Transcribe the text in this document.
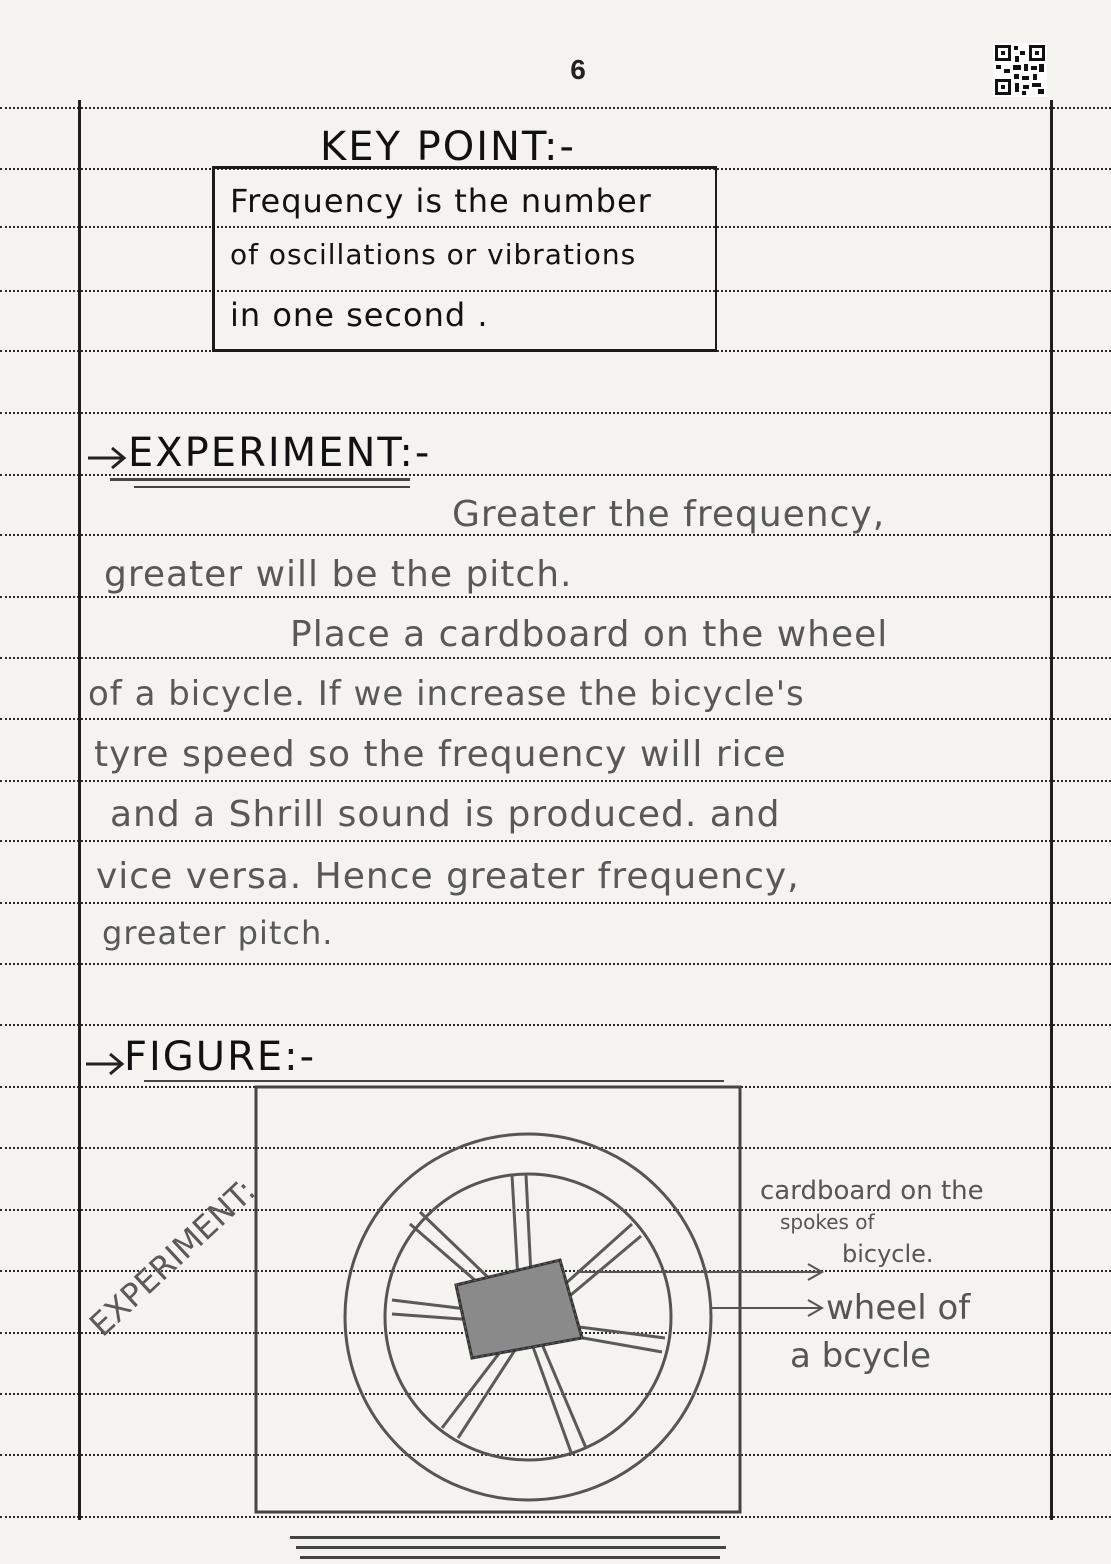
6
KEY POINT:-
Frequency is the number
of oscillations or vibrations
in one second .
EXPERIMENT:-
Greater the frequency,
greater will be the pitch.
Place a cardboard on the wheel
of a bicycle. If we increase the bicycle's
tyre speed so the frequency will rice
and a Shrill sound is produced. and
vice versa. Hence greater frequency,
greater pitch.
FIGURE:-
EXPERIMENT:	cardboard on the
spokes of
bicycle.
wheel of
a bcycle
